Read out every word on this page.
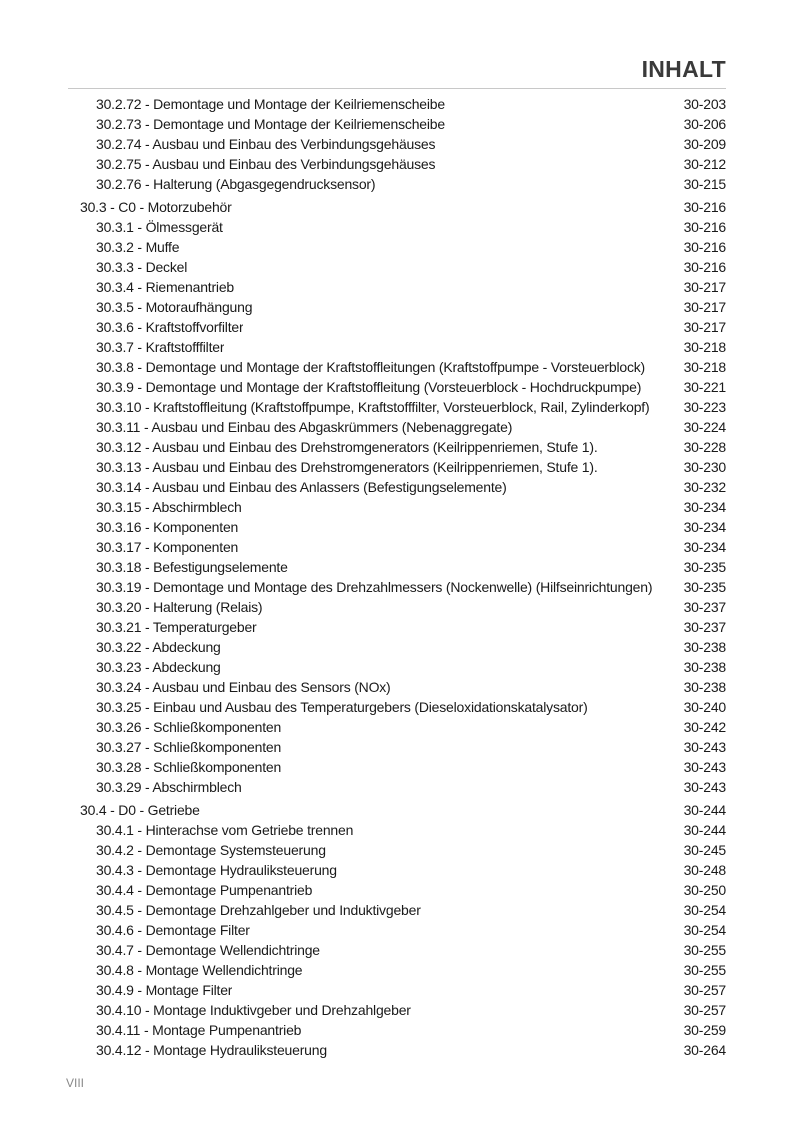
INHALT
30.2.72 - Demontage und Montage der Keilriemenscheibe	30-203
30.2.73 - Demontage und Montage der Keilriemenscheibe	30-206
30.2.74 - Ausbau und Einbau des Verbindungsgehäuses	30-209
30.2.75 - Ausbau und Einbau des Verbindungsgehäuses	30-212
30.2.76 - Halterung (Abgasgegendrucksensor)	30-215
30.3 - C0 - Motorzubehör	30-216
30.3.1 - Ölmessgerät	30-216
30.3.2 - Muffe	30-216
30.3.3 - Deckel	30-216
30.3.4 - Riemenantrieb	30-217
30.3.5 - Motoraufhängung	30-217
30.3.6 - Kraftstoffvorfilter	30-217
30.3.7 - Kraftstofffilter	30-218
30.3.8 - Demontage und Montage der Kraftstoffleitungen (Kraftstoffpumpe - Vorsteuerblock)	30-218
30.3.9 - Demontage und Montage der Kraftstoffleitung (Vorsteuerblock - Hochdruckpumpe)	30-221
30.3.10 - Kraftstoffleitung (Kraftstoffpumpe, Kraftstofffilter, Vorsteuerblock, Rail, Zylinderkopf)	30-223
30.3.11 - Ausbau und Einbau des Abgaskrümmers (Nebenaggregate)	30-224
30.3.12 - Ausbau und Einbau des Drehstromgenerators (Keilrippenriemen, Stufe 1).	30-228
30.3.13 - Ausbau und Einbau des Drehstromgenerators (Keilrippenriemen, Stufe 1).	30-230
30.3.14 - Ausbau und Einbau des Anlassers (Befestigungselemente)	30-232
30.3.15 - Abschirmblech	30-234
30.3.16 - Komponenten	30-234
30.3.17 - Komponenten	30-234
30.3.18 - Befestigungselemente	30-235
30.3.19 - Demontage und Montage des Drehzahlmessers (Nockenwelle) (Hilfseinrichtungen)	30-235
30.3.20 - Halterung (Relais)	30-237
30.3.21 - Temperaturgeber	30-237
30.3.22 - Abdeckung	30-238
30.3.23 - Abdeckung	30-238
30.3.24 - Ausbau und Einbau des Sensors (NOx)	30-238
30.3.25 - Einbau und Ausbau des Temperaturgebers (Dieseloxidationskatalysator)	30-240
30.3.26 - Schließkomponenten	30-242
30.3.27 - Schließkomponenten	30-243
30.3.28 - Schließkomponenten	30-243
30.3.29 - Abschirmblech	30-243
30.4 - D0 - Getriebe	30-244
30.4.1 - Hinterachse vom Getriebe trennen	30-244
30.4.2 - Demontage Systemsteuerung	30-245
30.4.3 - Demontage Hydrauliksteuerung	30-248
30.4.4 - Demontage Pumpenantrieb	30-250
30.4.5 - Demontage Drehzahlgeber und Induktivgeber	30-254
30.4.6 - Demontage Filter	30-254
30.4.7 - Demontage Wellendichtringe	30-255
30.4.8 - Montage Wellendichtringe	30-255
30.4.9 - Montage Filter	30-257
30.4.10 - Montage Induktivgeber und Drehzahlgeber	30-257
30.4.11 - Montage Pumpenantrieb	30-259
30.4.12 - Montage Hydrauliksteuerung	30-264
VIII
